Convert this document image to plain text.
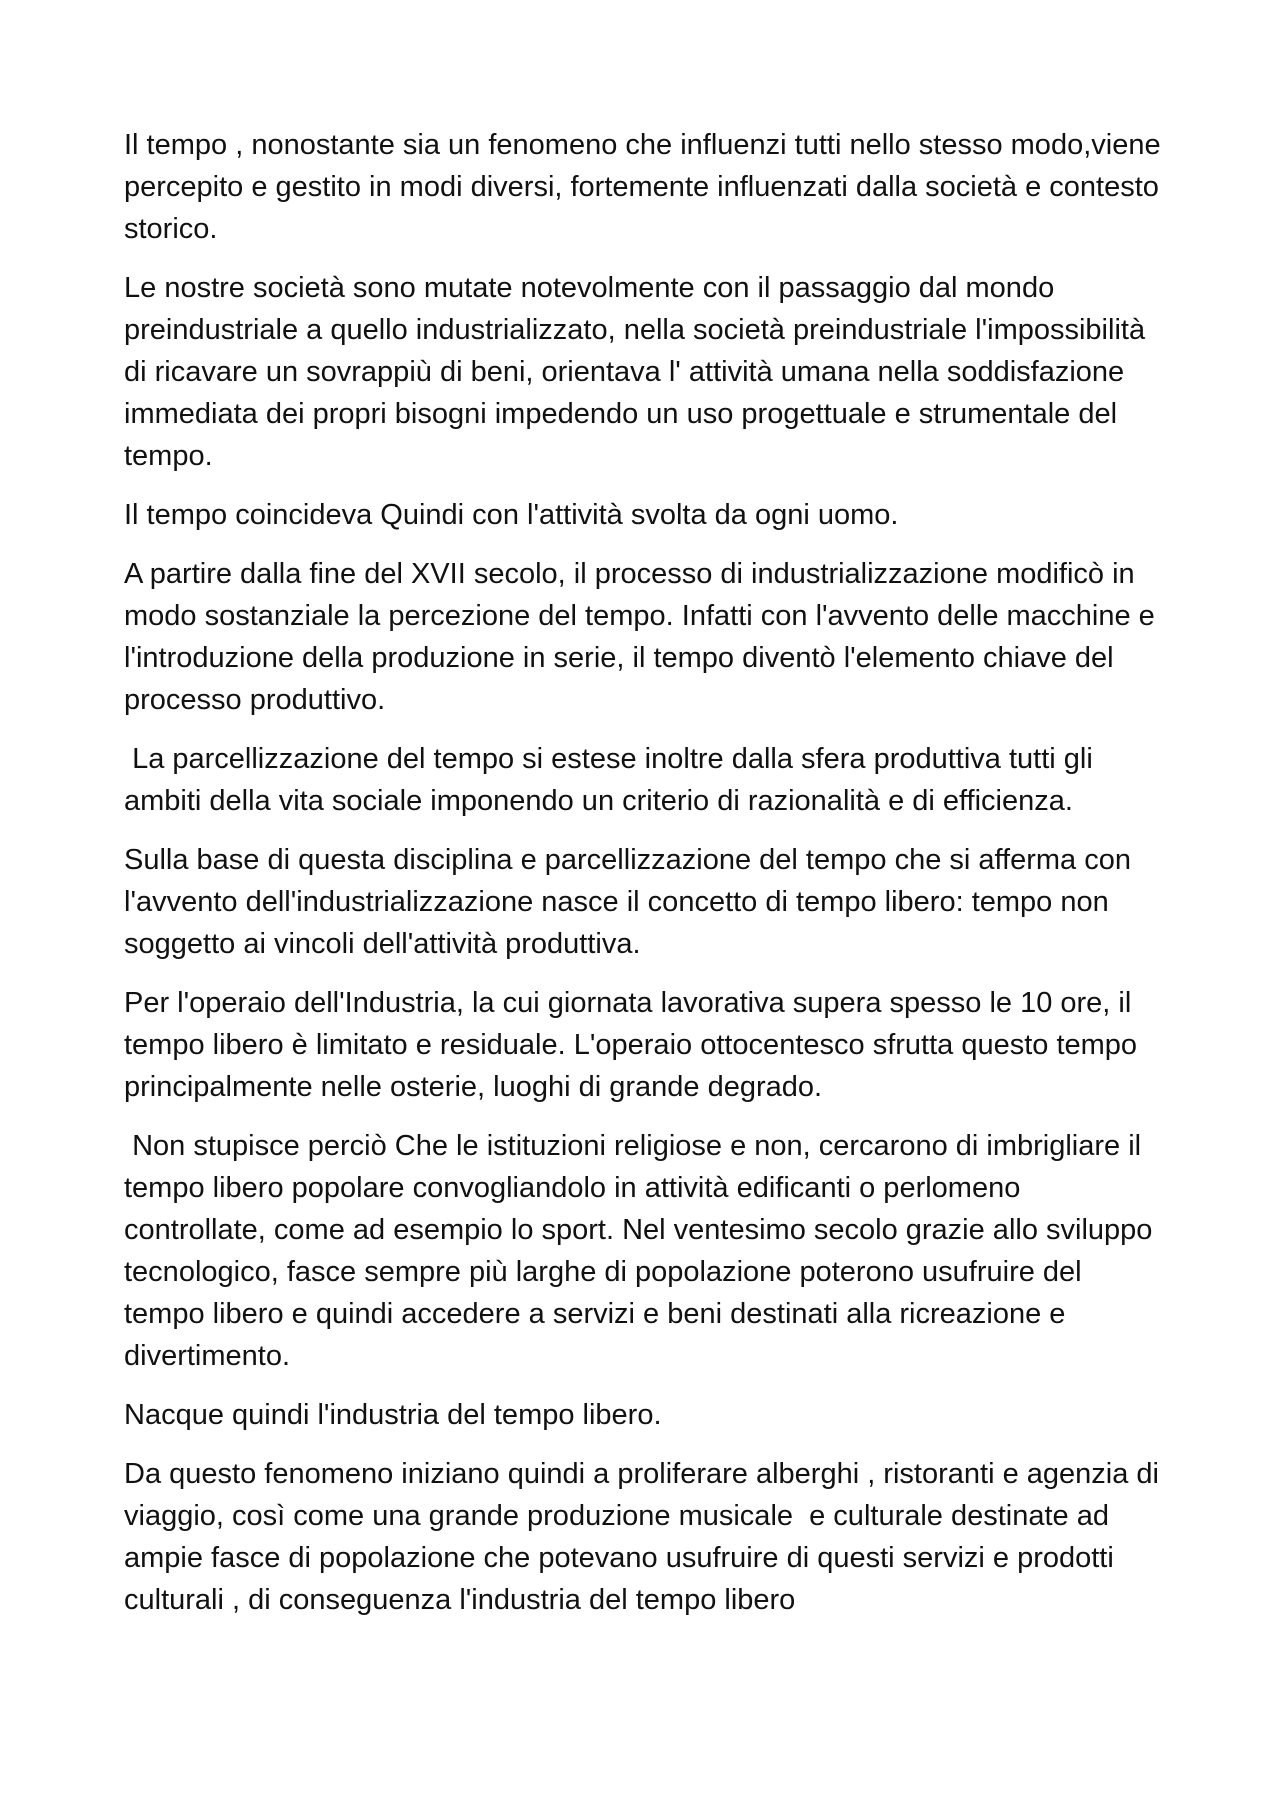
Il tempo , nonostante sia un fenomeno che influenzi tutti nello stesso modo,viene percepito e gestito in modi diversi, fortemente influenzati dalla società e contesto storico.

Le nostre società sono mutate notevolmente con il passaggio dal mondo preindustriale a quello industrializzato, nella società preindustriale l'impossibilità di ricavare un sovrappiù di beni, orientava l' attività umana nella soddisfazione immediata dei propri bisogni impedendo un uso progettuale e strumentale del tempo.

Il tempo coincideva Quindi con l'attività svolta da ogni uomo.

A partire dalla fine del XVII secolo, il processo di industrializzazione modificò in modo sostanziale la percezione del tempo. Infatti con l'avvento delle macchine e l'introduzione della produzione in serie, il tempo diventò l'elemento chiave del processo produttivo.

La parcellizzazione del tempo si estese inoltre dalla sfera produttiva tutti gli ambiti della vita sociale imponendo un criterio di razionalità e di efficienza.

Sulla base di questa disciplina e parcellizzazione del tempo che si afferma con l'avvento dell'industrializzazione nasce il concetto di tempo libero: tempo non soggetto ai vincoli dell'attività produttiva.

Per l'operaio dell'Industria, la cui giornata lavorativa supera spesso le 10 ore, il tempo libero è limitato e residuale. L'operaio ottocentesco sfrutta questo tempo principalmente nelle osterie, luoghi di grande degrado.

Non stupisce perciò Che le istituzioni religiose e non, cercarono di imbrigliare il tempo libero popolare convogliandolo in attività edificanti o perlomeno controllate, come ad esempio lo sport. Nel ventesimo secolo grazie allo sviluppo tecnologico, fasce sempre più larghe di popolazione poterono usufruire del tempo libero e quindi accedere a servizi e beni destinati alla ricreazione e divertimento.

Nacque quindi l'industria del tempo libero.

Da questo fenomeno iniziano quindi a proliferare alberghi , ristoranti e agenzia di viaggio, così come una grande produzione musicale  e culturale destinate ad ampie fasce di popolazione che potevano usufruire di questi servizi e prodotti culturali , di conseguenza l'industria del tempo libero
